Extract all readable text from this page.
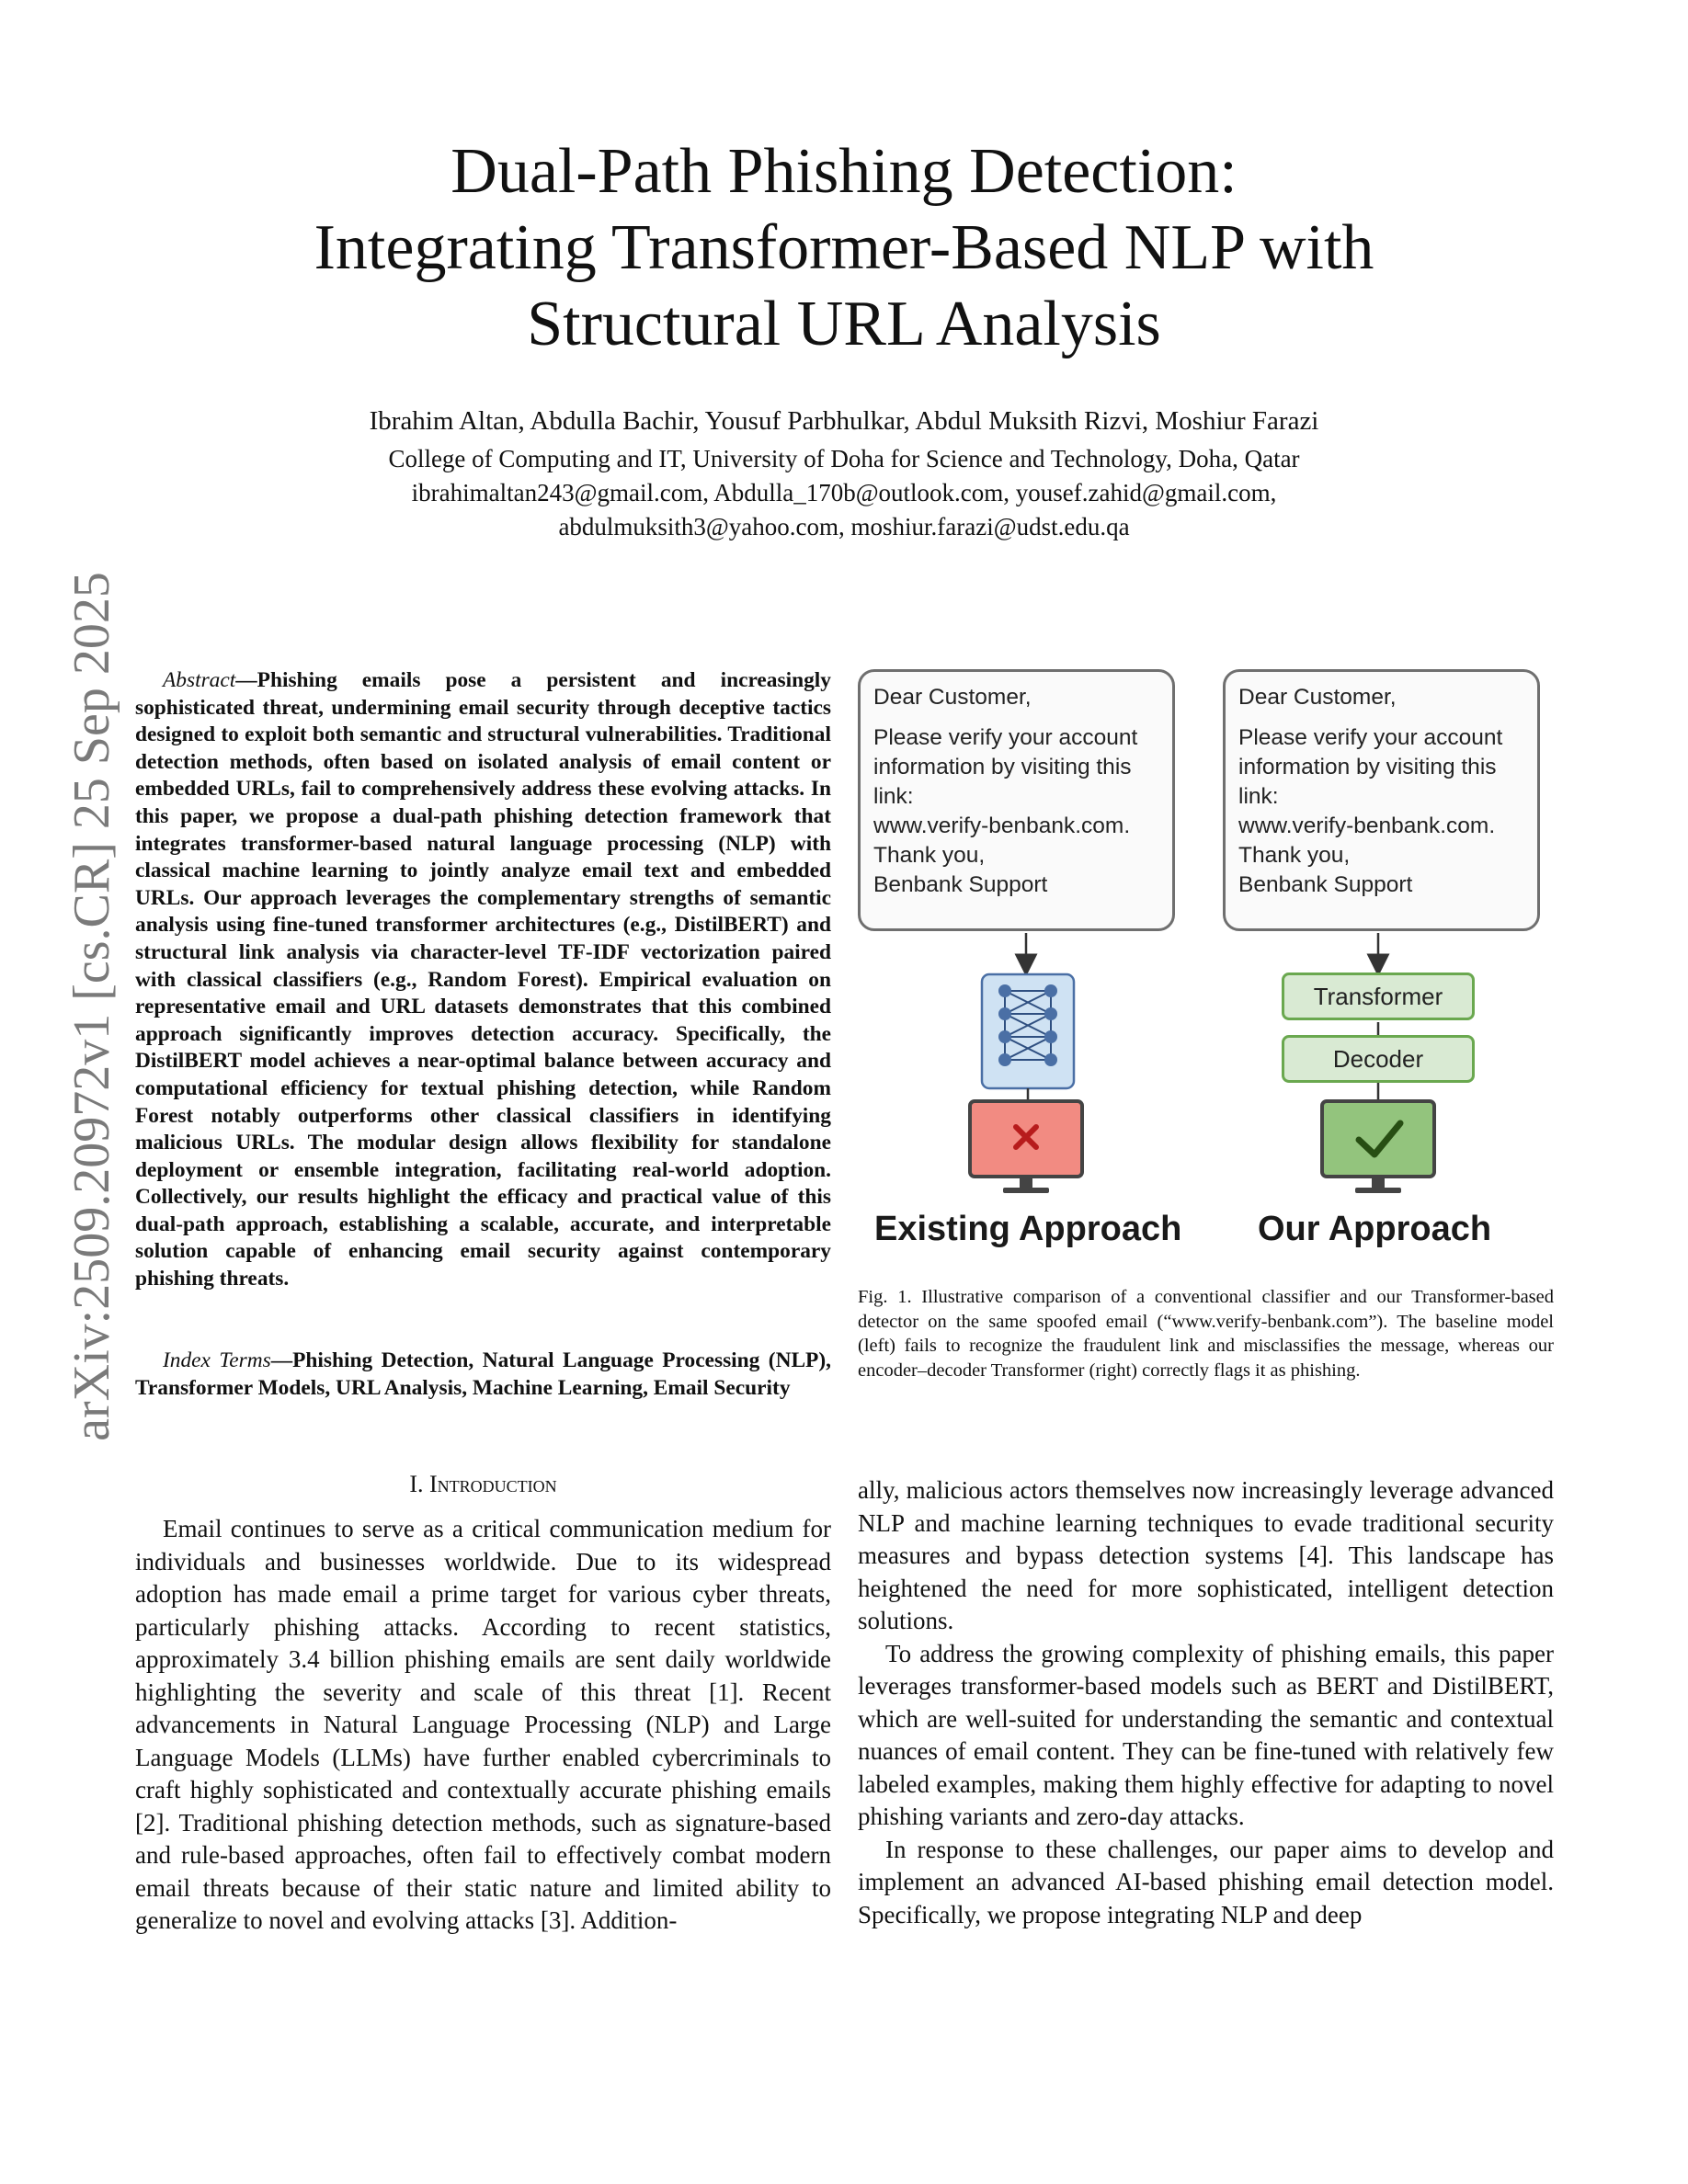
Dual-Path Phishing Detection:
Integrating Transformer-Based NLP with
Structural URL Analysis
Ibrahim Altan, Abdulla Bachir, Yousuf Parbhulkar, Abdul Muksith Rizvi, Moshiur Farazi
College of Computing and IT, University of Doha for Science and Technology, Doha, Qatar
ibrahimaltan243@gmail.com, Abdulla_170b@outlook.com, yousef.zahid@gmail.com,
abdulmuksith3@yahoo.com, moshiur.farazi@udst.edu.qa
arXiv:2509.20972v1 [cs.CR] 25 Sep 2025	Abstract—Phishing emails pose a persistent and increasingly sophisticated threat, undermining email security through deceptive tactics designed to exploit both semantic and structural vulnerabilities. Traditional detection methods, often based on isolated analysis of email content or embedded URLs, fail to comprehensively address these evolving attacks. In this paper, we propose a dual-path phishing detection framework that integrates transformer-based natural language processing (NLP) with classical machine learning to jointly analyze email text and embedded URLs. Our approach leverages the complementary strengths of semantic analysis using fine-tuned transformer architectures (e.g., DistilBERT) and structural link analysis via character-level TF-IDF vectorization paired with classical classifiers (e.g., Random Forest). Empirical evaluation on representative email and URL datasets demonstrates that this combined approach significantly improves detection accuracy. Specifically, the DistilBERT model achieves a near-optimal balance between accuracy and computational efficiency for textual phishing detection, while Random Forest notably outperforms other classical classifiers in identifying malicious URLs. The modular design allows flexibility for standalone deployment or ensemble integration, facilitating real-world adoption. Collectively, our results highlight the efficacy and practical value of this dual-path approach, establishing a scalable, accurate, and interpretable solution capable of enhancing email security against contemporary phishing threats.

Index Terms—Phishing Detection, Natural Language Processing (NLP), Transformer Models, URL Analysis, Machine Learning, Email Security

I. Introduction

Email continues to serve as a critical communication medium for individuals and businesses worldwide. Due to its widespread adoption has made email a prime target for various cyber threats, particularly phishing attacks. According to recent statistics, approximately 3.4 billion phishing emails are sent daily worldwide highlighting the severity and scale of this threat [1]. Recent advancements in Natural Language Processing (NLP) and Large Language Models (LLMs) have further enabled cybercriminals to craft highly sophisticated and contextually accurate phishing emails [2]. Traditional phishing detection methods, such as signature-based and rule-based approaches, often fail to effectively combat modern email threats because of their static nature and limited ability to generalize to novel and evolving attacks [3]. Addition-

Dear Customer,
Please verify your account
information by visiting this
link:
www.verify-benbank.com.
Thank you,
Benbank Support
Dear Customer,
Please verify your account
information by visiting this
link:
www.verify-benbank.com.
Thank you,
Benbank Support
Transformer
Decoder
Existing Approach Our Approach
Fig. 1. Illustrative comparison of a conventional classifier and our Transformer-based detector on the same spoofed email (“www.verify-benbank.com”). The baseline model (left) fails to recognize the fraudulent link and misclassifies the message, whereas our encoder–decoder Transformer (right) correctly flags it as phishing.

ally, malicious actors themselves now increasingly leverage advanced NLP and machine learning techniques to evade traditional security measures and bypass detection systems [4]. This landscape has heightened the need for more sophisticated, intelligent detection solutions.

To address the growing complexity of phishing emails, this paper leverages transformer-based models such as BERT and DistilBERT, which are well-suited for understanding the semantic and contextual nuances of email content. They can be fine-tuned with relatively few labeled examples, making them highly effective for adapting to novel phishing variants and zero-day attacks.

In response to these challenges, our paper aims to develop and implement an advanced AI-based phishing email detection model. Specifically, we propose integrating NLP and deep
